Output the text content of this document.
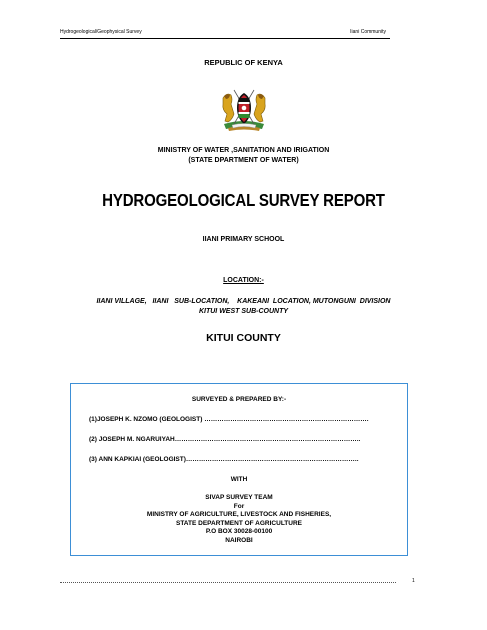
Hydrogeological/Geophysical Survey	Iiani Community
REPUBLIC OF KENYA
MINISTRY OF WATER ,SANITATION AND IRIGATION
(STATE DPARTMENT OF WATER)
HYDROGEOLOGICAL SURVEY REPORT
IIANI PRIMARY SCHOOL
LOCATION:-
IIANI VILLAGE,   IIANI   SUB-LOCATION,    KAKEANI  LOCATION, MUTONGUNI  DIVISION
KITUI WEST SUB-COUNTY
KITUI COUNTY
SURVEYED & PREPARED BY:-
(1)JOSEPH K. NZOMO (GEOLOGIST) ………………………………………………………………….
(2) JOSEPH M. NGARUIYAH…………………………………………………………………………..
(3) ANN KAPKIAI (GEOLOGIST)……………………………………………………………………..
WITH
SIVAP SURVEY TEAM
For
MINISTRY OF AGRICULTURE, LIVESTOCK AND FISHERIES,
STATE DEPARTMENT OF AGRICULTURE
P.O BOX 30028-00100
NAIROBI
1
